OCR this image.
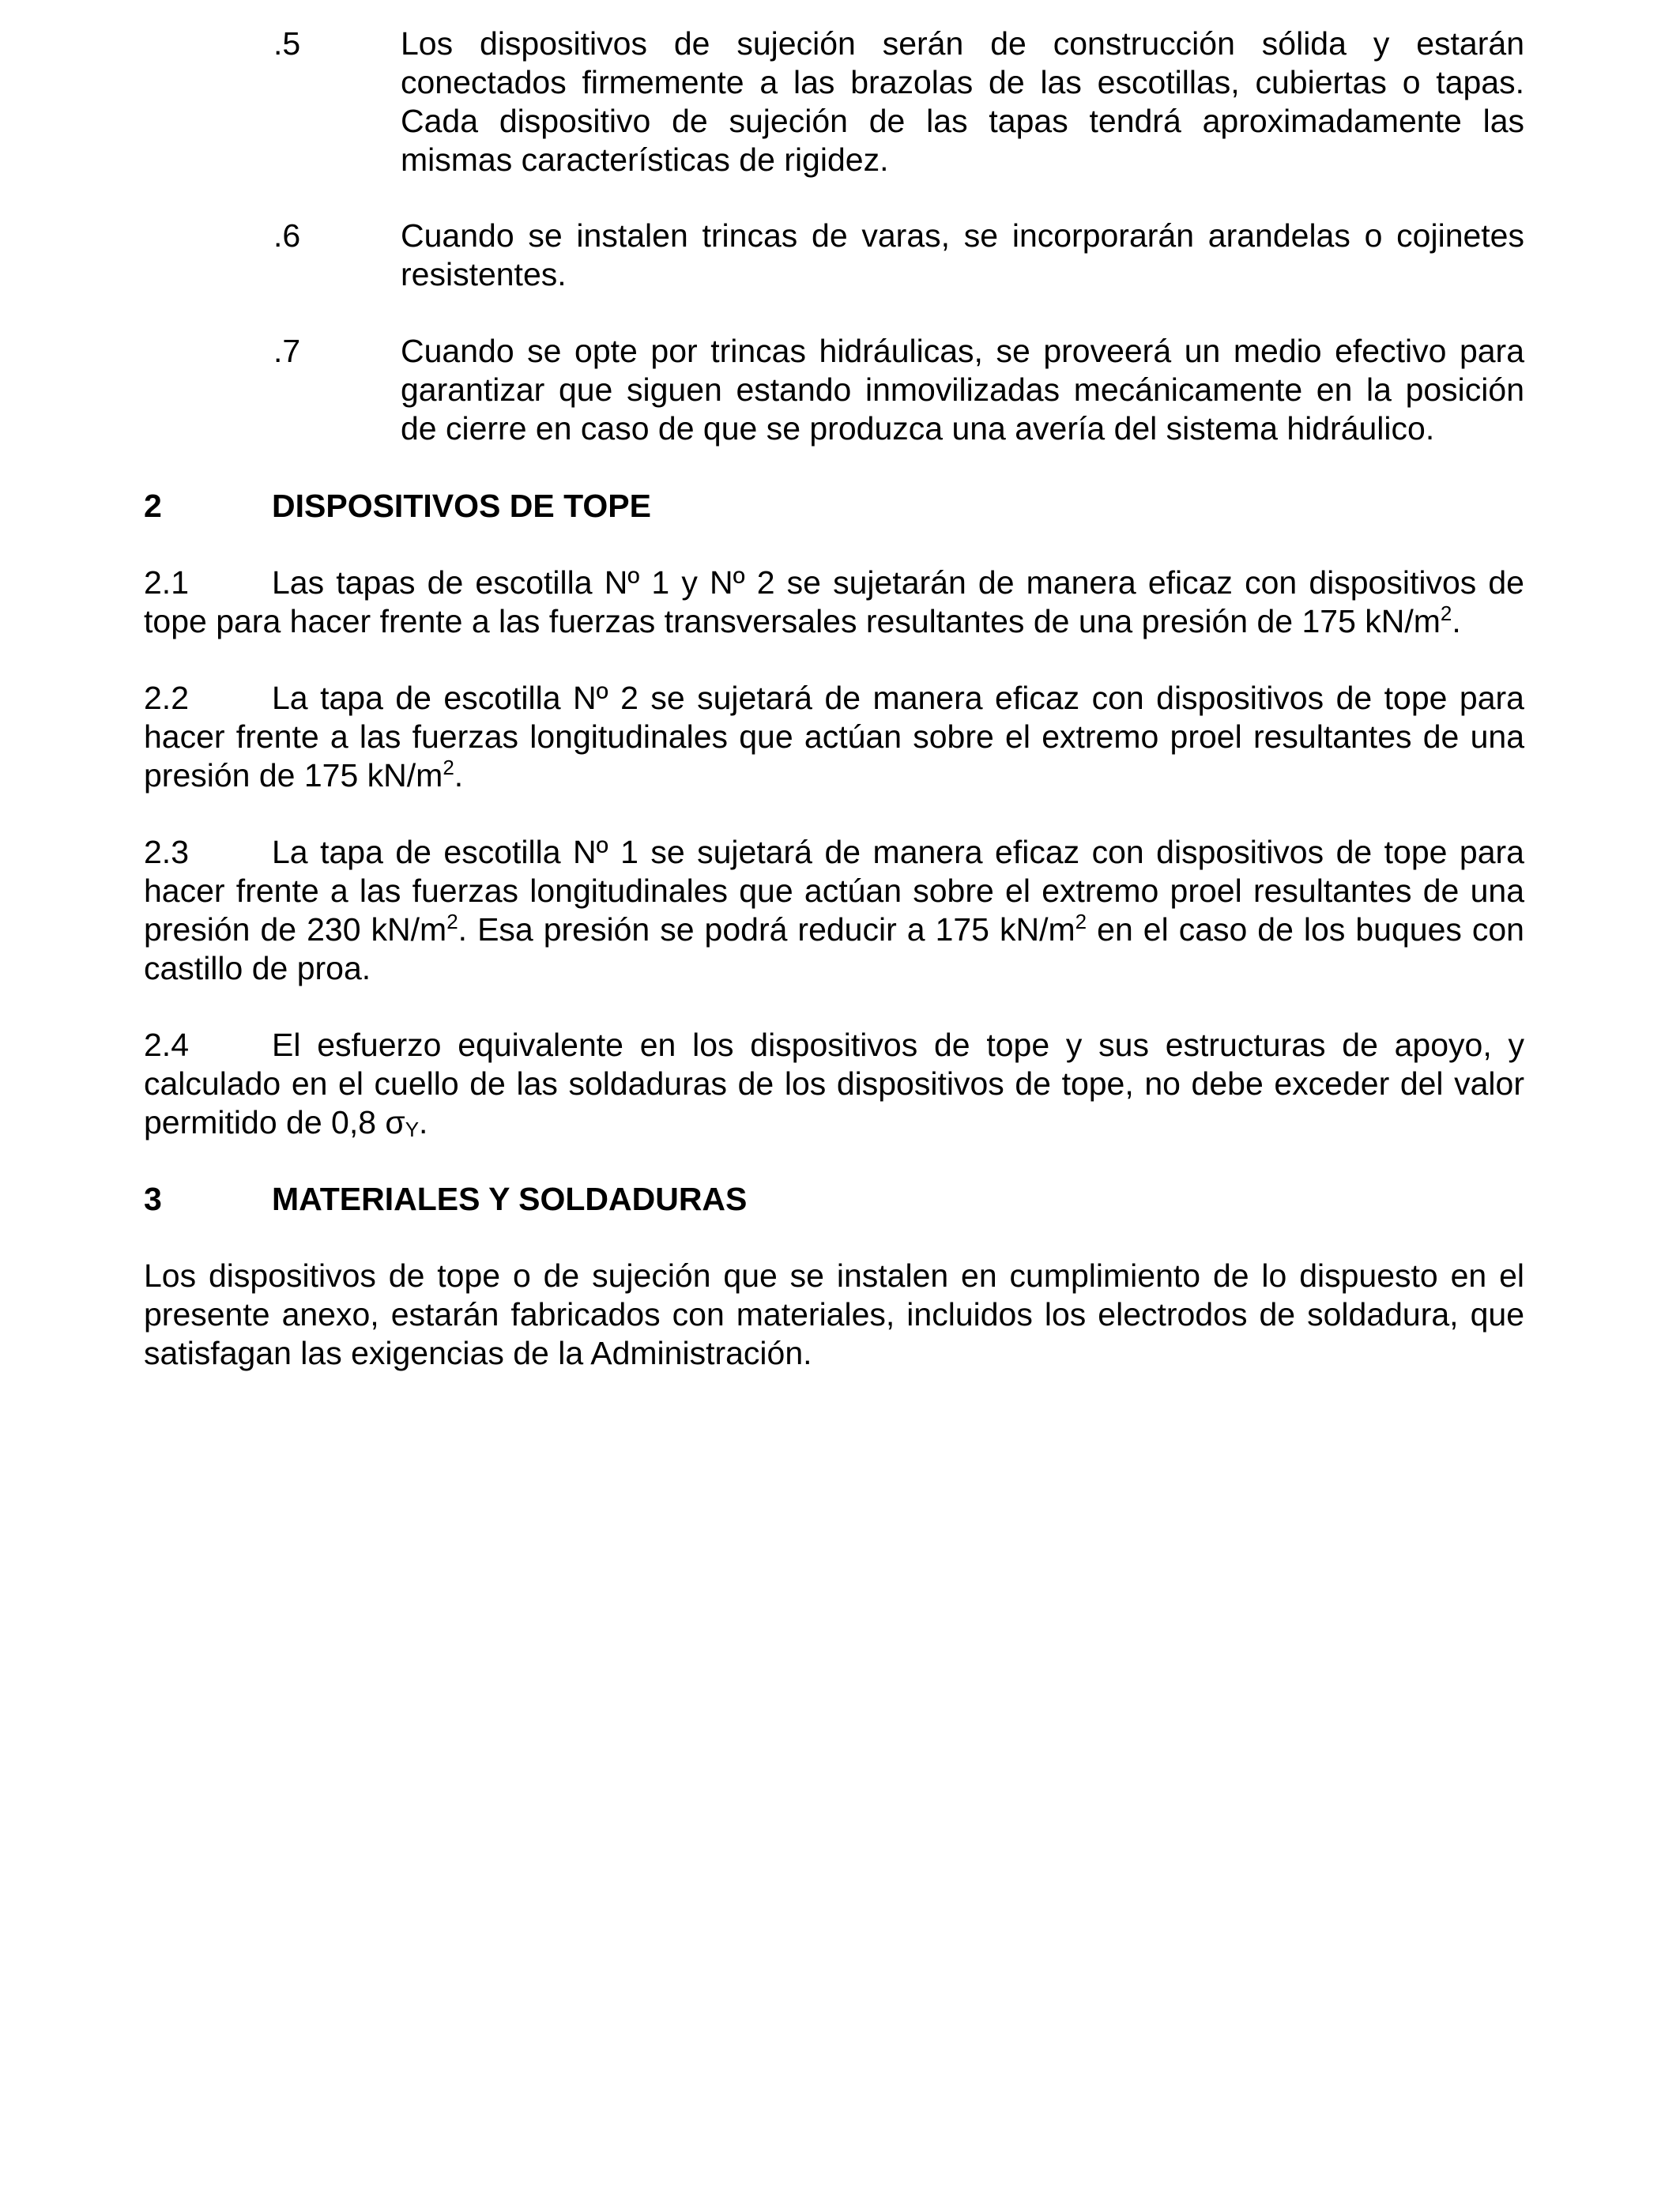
.5	Los dispositivos de sujeción serán de construcción sólida y estarán conectados firmemente a las brazolas de las escotillas, cubiertas o tapas. Cada dispositivo de sujeción de las tapas tendrá aproximadamente las mismas características de rigidez.
.6	Cuando se instalen trincas de varas, se incorporarán arandelas o cojinetes resistentes.
.7	Cuando se opte por trincas hidráulicas, se proveerá un medio efectivo para garantizar que siguen estando inmovilizadas mecánicamente en la posición de cierre en caso de que se produzca una avería del sistema hidráulico.
2	DISPOSITIVOS DE TOPE
2.1	Las tapas de escotilla Nº 1 y Nº 2 se sujetarán de manera eficaz con dispositivos de tope para hacer frente a las fuerzas transversales resultantes de una presión de 175 $kN/m^2$.
2.2	La tapa de escotilla Nº 2 se sujetará de manera eficaz con dispositivos de tope para hacer frente a las fuerzas longitudinales que actúan sobre el extremo proel resultantes de una presión de 175 $kN/m^2$.
2.3	La tapa de escotilla Nº 1 se sujetará de manera eficaz con dispositivos de tope para hacer frente a las fuerzas longitudinales que actúan sobre el extremo proel resultantes de una presión de 230 $kN/m^2$. Esa presión se podrá reducir a 175 $kN/m^2$ en el caso de los buques con castillo de proa.
2.4	El esfuerzo equivalente en los dispositivos de tope y sus estructuras de apoyo, y calculado en el cuello de las soldaduras de los dispositivos de tope, no debe exceder del valor permitido de 0,8 $\sigma_Y$.
3	MATERIALES Y SOLDADURAS
Los dispositivos de tope o de sujeción que se instalen en cumplimiento de lo dispuesto en el presente anexo, estarán fabricados con materiales, incluidos los electrodos de soldadura, que satisfagan las exigencias de la Administración.
